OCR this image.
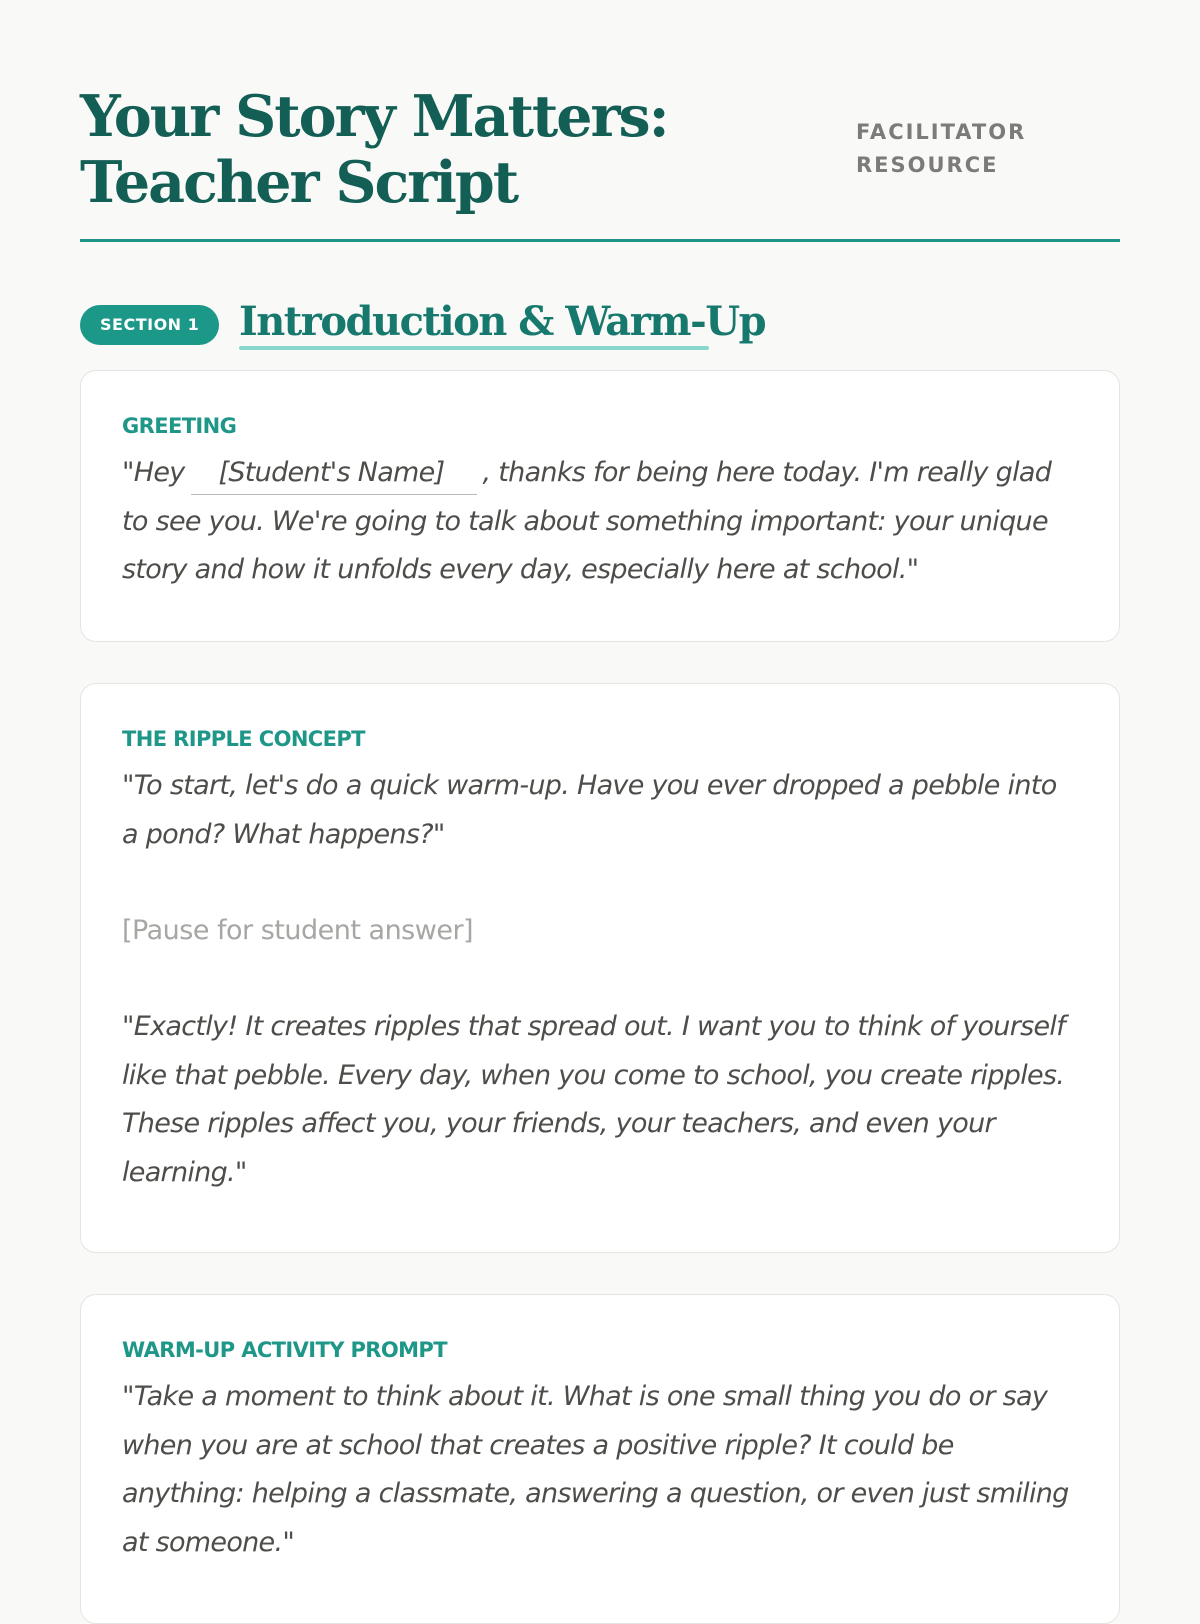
Your Story Matters: Teacher Script
FACILITATOR RESOURCE
SECTION 1 Introduction & Warm-Up
GREETING

"Hey [Student's Name] , thanks for being here today. I'm really glad to see you. We're going to talk about something important: your unique story and how it unfolds every day, especially here at school."

THE RIPPLE CONCEPT

"To start, let's do a quick warm-up. Have you ever dropped a pebble into a pond? What happens?"

[Pause for student answer]

"Exactly! It creates ripples that spread out. I want you to think of yourself like that pebble. Every day, when you come to school, you create ripples. These ripples affect you, your friends, your teachers, and even your learning."

WARM-UP ACTIVITY PROMPT

"Take a moment to think about it. What is one small thing you do or say when you are at school that creates a positive ripple? It could be anything: helping a classmate, answering a question, or even just smiling at someone."
